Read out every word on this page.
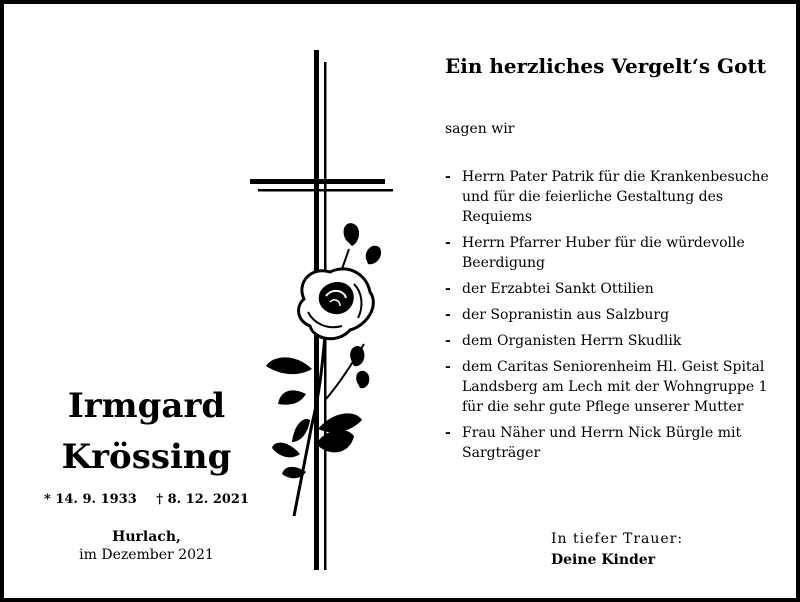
Irmgard
Krössing
* 14. 9. 1933 † 8. 12. 2021
Hurlach,
im Dezember 2021
Ein herzliches Vergelt‘s Gott
sagen wir
- Herrn Pater Patrik für die Krankenbesuche und für die feierliche Gestaltung des Requiems
- Herrn Pfarrer Huber für die würdevolle Beerdigung
- der Erzabtei Sankt Ottilien
- der Sopranistin aus Salzburg
- dem Organisten Herrn Skudlik
- dem Caritas Seniorenheim Hl. Geist Spital Landsberg am Lech mit der Wohngruppe 1 für die sehr gute Pflege unserer Mutter
- Frau Näher und Herrn Nick Bürgle mit Sargträger
In tiefer Trauer:
Deine Kinder
